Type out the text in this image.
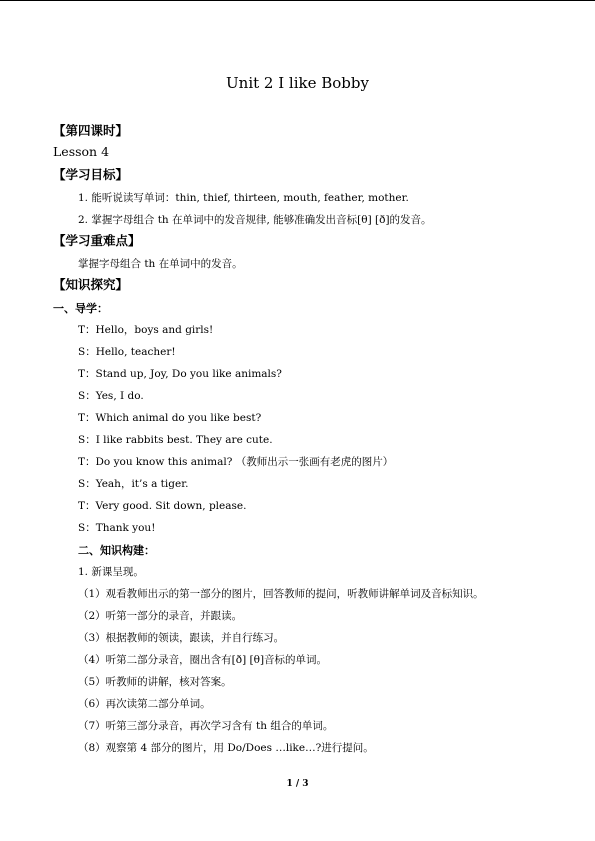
Unit 2 I like Bobby
【第四课时】
Lesson 4
【学习目标】
1. 能听说读写单词：thin, thief, thirteen, mouth, feather, mother.
2. 掌握字母组合 th 在单词中的发音规律, 能够准确发出音标[θ] [ð]的发音。
【学习重难点】
掌握字母组合 th 在单词中的发音。
【知识探究】
一、导学：
T：Hello，boys and girls!
S：Hello, teacher!
T：Stand up, Joy, Do you like animals?
S：Yes, I do.
T：Which animal do you like best?
S：I like rabbits best. They are cute.
T：Do you know this animal? （教师出示一张画有老虎的图片）
S：Yeah，it’s a tiger.
T：Very good. Sit down, please.
S：Thank you!
二、知识构建：
1. 新课呈现。
（1）观看教师出示的第一部分的图片，回答教师的提问，听教师讲解单词及音标知识。
（2）听第一部分的录音，并跟读。
（3）根据教师的领读，跟读，并自行练习。
（4）听第二部分录音，圈出含有[ð] [θ]音标的单词。
（5）听教师的讲解，核对答案。
（6）再次读第二部分单词。
（7）听第三部分录音，再次学习含有 th 组合的单词。
（8）观察第 4 部分的图片，用 Do/Does …like…?进行提问。
1 / 3
